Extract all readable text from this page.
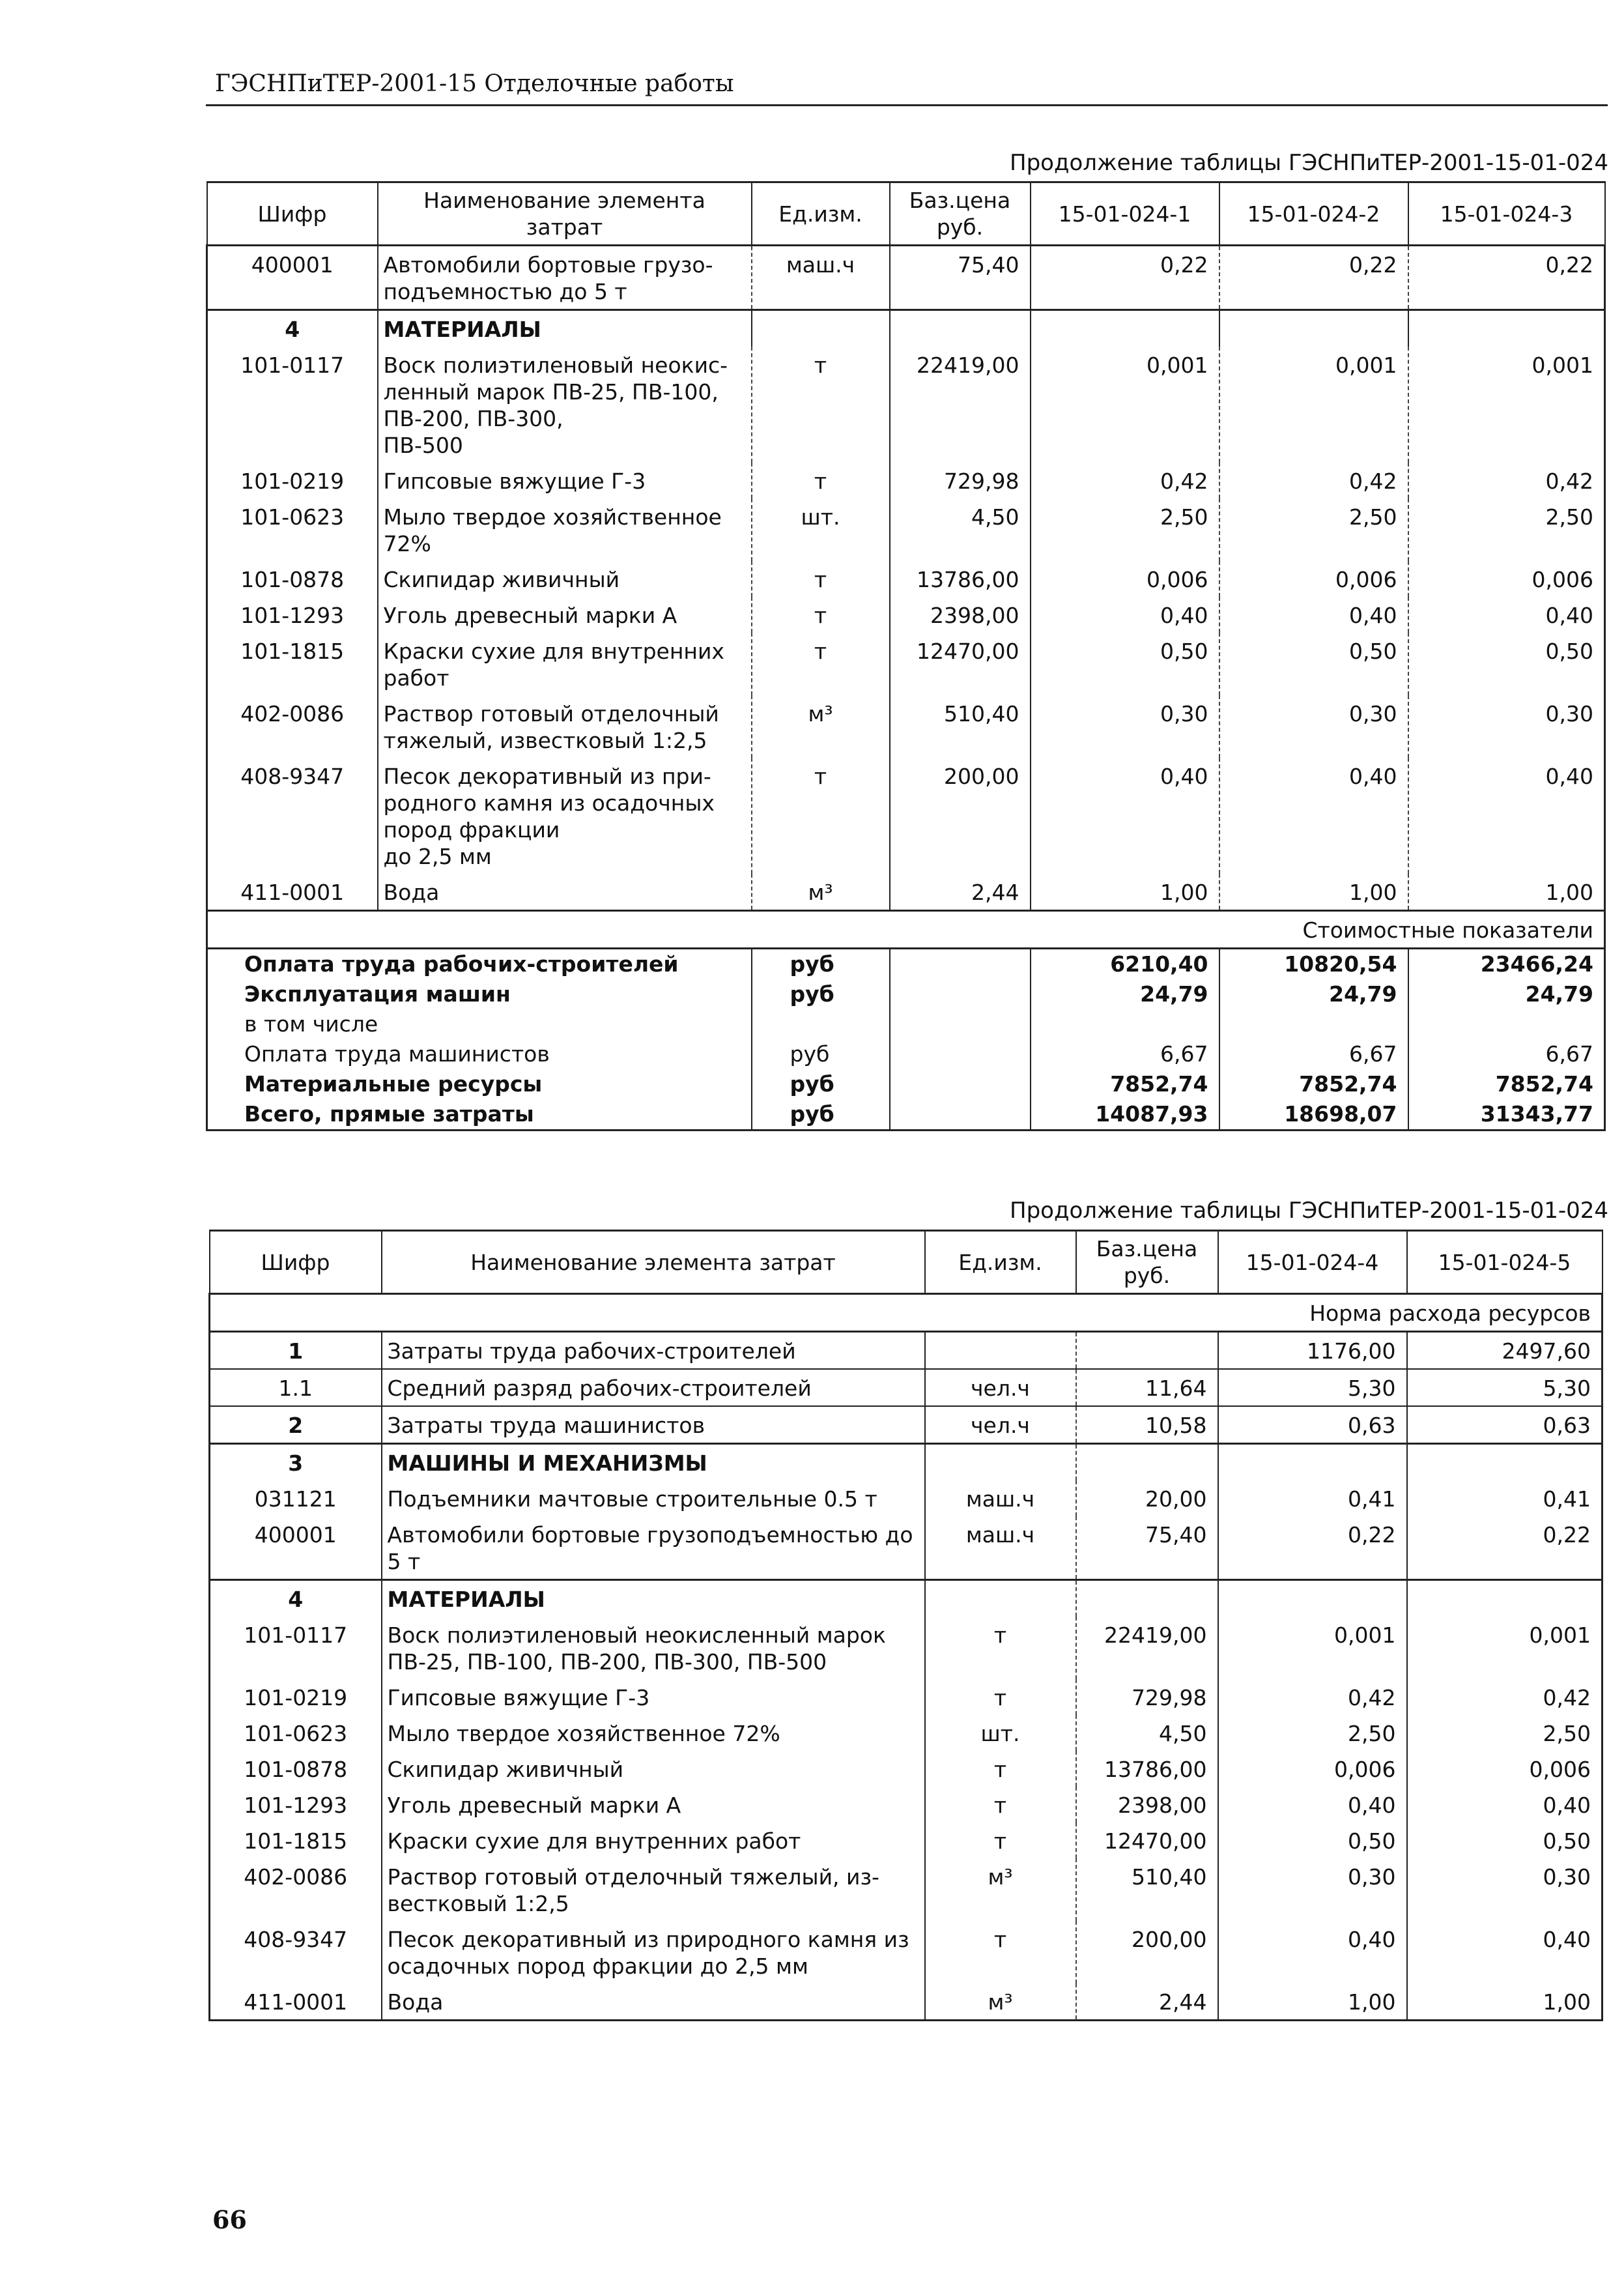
ГЭСНПиТЕР-2001-15 Отделочные работы
Продолжение таблицы ГЭСНПиТЕР-2001-15-01-024
Шифр	Наименование элемента затрат	Ед.изм.	Баз.цена руб.	15-01-024-1	15-01-024-2	15-01-024-3
400001	Автомобили бортовые грузо-
подъемностью до 5 т	маш.ч	75,40	0,22	0,22	0,22
4	МАТЕРИАЛЫ					
101-0117	Воск полиэтиленовый неокис-
ленный марок ПВ-25, ПВ-100,
ПВ-200, ПВ-300,
ПВ-500	т	22419,00	0,001	0,001	0,001
101-0219	Гипсовые вяжущие Г-3	т	729,98	0,42	0,42	0,42
101-0623	Мыло твердое хозяйственное
72%	шт.	4,50	2,50	2,50	2,50
101-0878	Скипидар живичный	т	13786,00	0,006	0,006	0,006
101-1293	Уголь древесный марки А	т	2398,00	0,40	0,40	0,40
101-1815	Краски сухие для внутренних
работ	т	12470,00	0,50	0,50	0,50
402-0086	Раствор готовый отделочный
тяжелый, известковый 1:2,5	м³	510,40	0,30	0,30	0,30
408-9347	Песок декоративный из при-
родного камня из осадочных
пород фракции
до 2,5 мм	т	200,00	0,40	0,40	0,40
411-0001	Вода	м³	2,44	1,00	1,00	1,00
Стоимостные показатели						
Оплата труда рабочих-строителей		руб		6210,40	10820,54	23466,24
Эксплуатация машин		руб		24,79	24,79	24,79
в том числе						
Оплата труда машинистов		руб		6,67	6,67	6,67
Материальные ресурсы		руб		7852,74	7852,74	7852,74
Всего, прямые затраты		руб		14087,93	18698,07	31343,77
Продолжение таблицы ГЭСНПиТЕР-2001-15-01-024
Шифр	Наименование элемента затрат	Ед.изм.	Баз.цена руб.	15-01-024-4	15-01-024-5
Норма расхода ресурсов					
1	Затраты труда рабочих-строителей			1176,00	2497,60
1.1	Средний разряд рабочих-строителей	чел.ч	11,64	5,30	5,30
2	Затраты труда машинистов	чел.ч	10,58	0,63	0,63
3	МАШИНЫ И МЕХАНИЗМЫ				
031121	Подъемники мачтовые строительные 0.5 т	маш.ч	20,00	0,41	0,41
400001	Автомобили бортовые грузоподъемностью до
5 т	маш.ч	75,40	0,22	0,22
4	МАТЕРИАЛЫ				
101-0117	Воск полиэтиленовый неокисленный марок
ПВ-25, ПВ-100, ПВ-200, ПВ-300, ПВ-500	т	22419,00	0,001	0,001
101-0219	Гипсовые вяжущие Г-3	т	729,98	0,42	0,42
101-0623	Мыло твердое хозяйственное 72%	шт.	4,50	2,50	2,50
101-0878	Скипидар живичный	т	13786,00	0,006	0,006
101-1293	Уголь древесный марки А	т	2398,00	0,40	0,40
101-1815	Краски сухие для внутренних работ	т	12470,00	0,50	0,50
402-0086	Раствор готовый отделочный тяжелый, из-
вестковый 1:2,5	м³	510,40	0,30	0,30
408-9347	Песок декоративный из природного камня из
осадочных пород фракции до 2,5 мм	т	200,00	0,40	0,40
411-0001	Вода	м³	2,44	1,00	1,00
66
